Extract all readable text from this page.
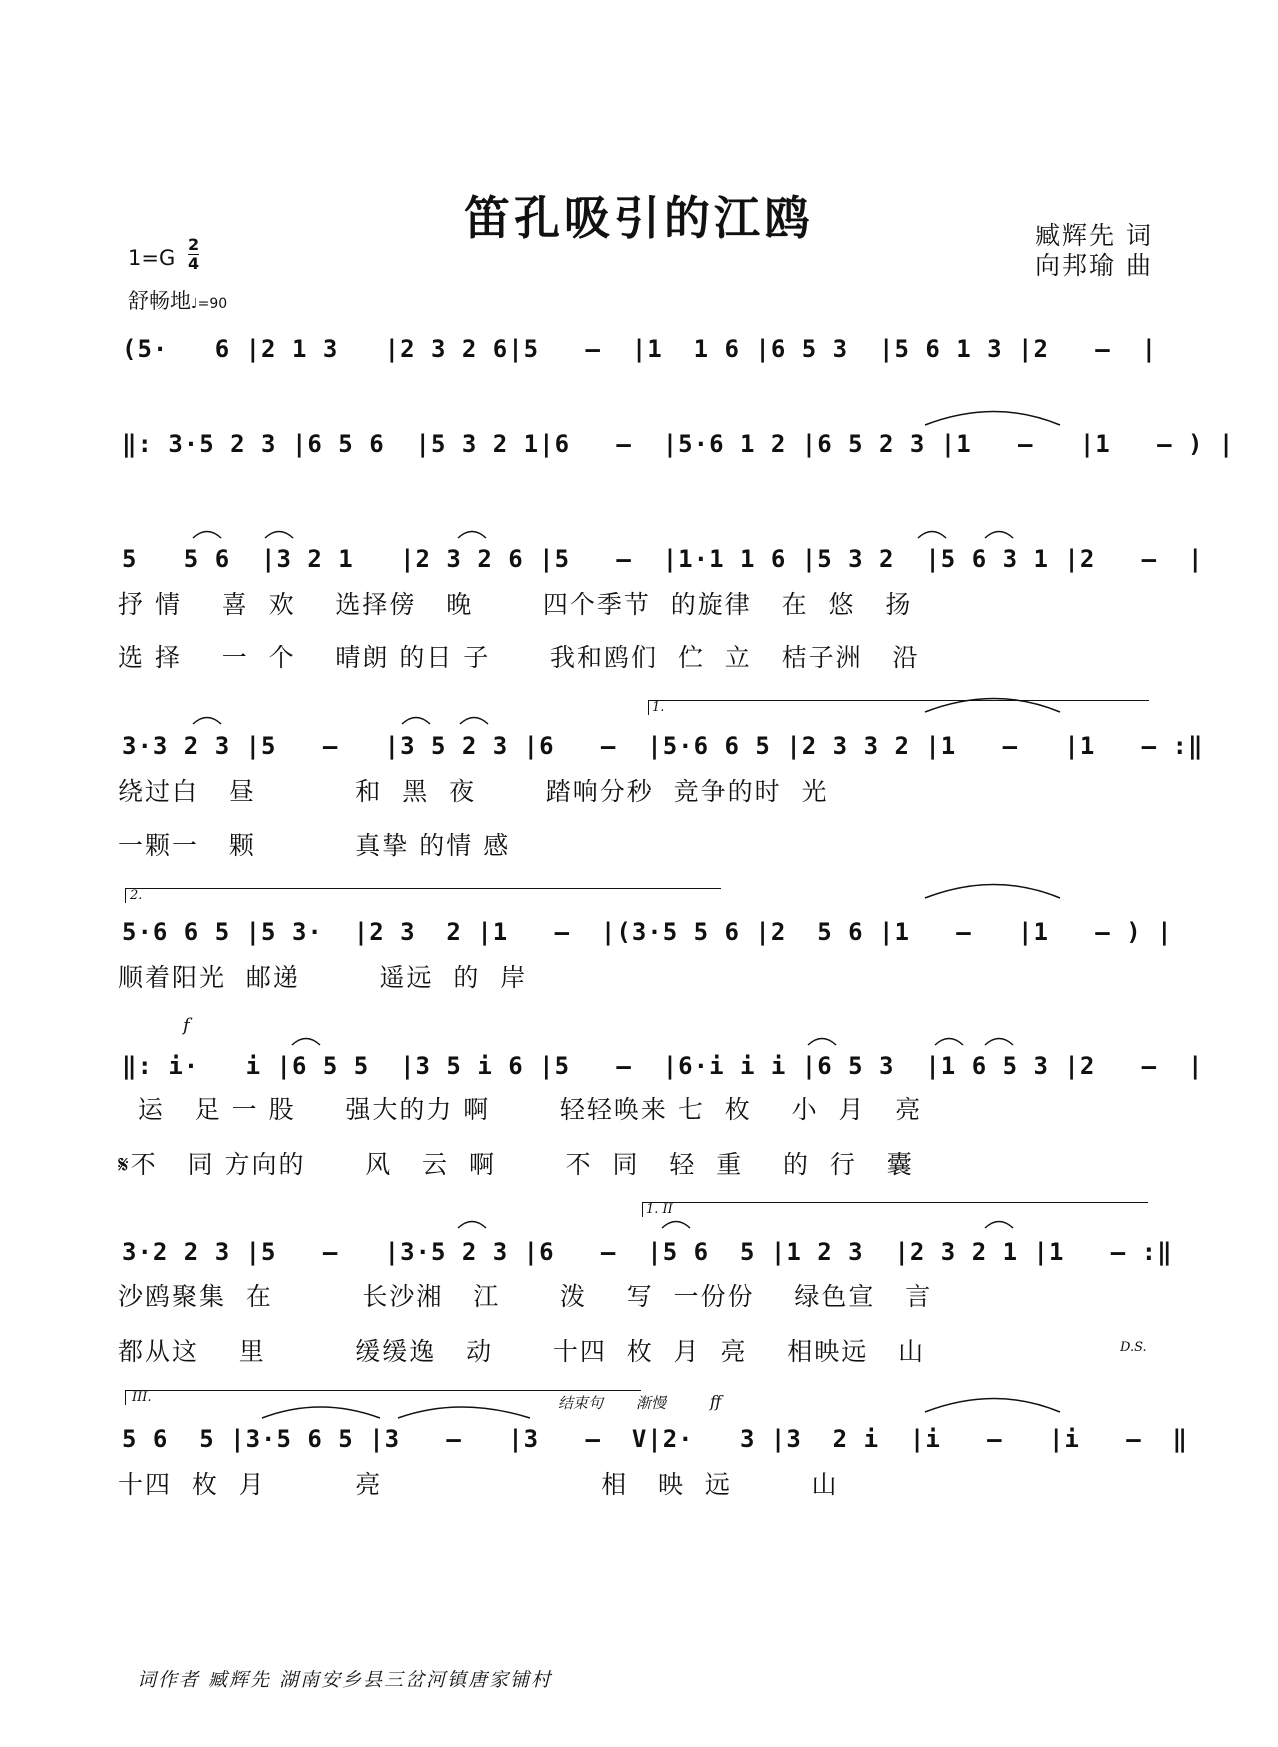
笛孔吸引的江鸥	臧辉先 词
向邦瑜 曲
$1=G \frac{2}{4}$
舒畅地♩=90
(5·   6 |2 1 3   |2 3 2 6|5   –  |1  1 6 |6 5 3  |5 6 1 3 |2   –  |
‖: 3·5 2 3 |6 5 6  |5 3 2 1|6   –  |5·6 1 2 |6 5 2 3 |1   –   |1   – ) |
5   5 6  |3 2 1   |2 3 2 6 |5   –  |1·1 1 6 |5 3 2  |5 6 3 1 |2   –  |
抒 情    喜  欢    选择傍   晚       四个季节  的旋律   在  悠   扬
选 择    一  个    晴朗 的日 子      我和鸥们  伫  立   桔子洲   沿
1.
3·3 2 3 |5   –   |3 5 2 3 |6   –  |5·6 6 5 |2 3 3 2 |1   –   |1   – :‖
绕过白   昼          和  黑  夜       踏响分秒  竞争的时  光
一颗一   颗          真挚 的情 感
2.
5·6 6 5 |5 3·  |2 3  2 |1   –  |(3·5 5 6 |2  5 6 |1   –   |1   – ) |
顺着阳光  邮递        遥远  的  岸
f
‖: i·   i |6 5 5  |3 5 i 6 |5   –  |6·i i i |6 5 3  |1 6 5 3 |2   –  |
运   足 一 股     强大的力 啊       轻轻唤来 七  枚    小  月   亮
𝄋不   同 方向的      风   云  啊       不  同   轻  重    的  行   囊
1. II
3·2 2 3 |5   –   |3·5 2 3 |6   –  |5 6  5 |1 2 3  |2 3 2 1 |1   – :‖
沙鸥聚集  在         长沙湘   江      泼    写  一份份    绿色宣   言
都从这    里         缓缓逸   动      十四  枚  月  亮    相映远   山	D.S.
III.	结束句 渐慢	ff
5 6  5 |3·5 6 5 |3   –   |3   –  V|2·   3 |3  2 i  |i   –   |i   –  ‖
十四  枚  月         亮                      相   映  远        山
词作者 臧辉先 湖南安乡县三岔河镇唐家铺村
